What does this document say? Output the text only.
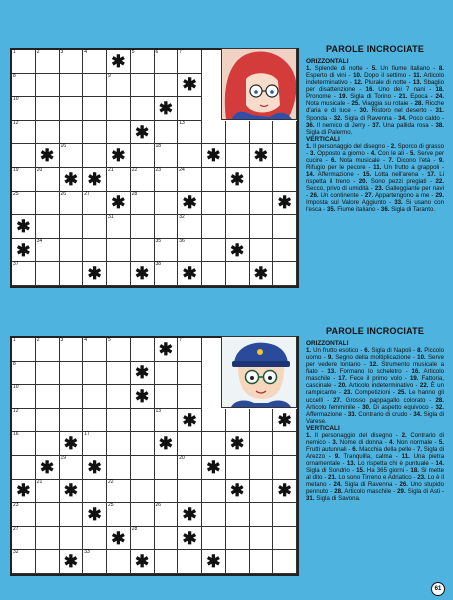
1	2	3	4 ✱	5	6	7
8	9	✱
10	✱
12	✱	13
✱	16	✱	18	✱ ✱
19	20 ✱ ✱	21	22	23	24	✱
25	26	27 ✱	28	✱	✱
✱	31	32
✱	34	35	36	✱
37	✱ ✱	38 ✱	✱
PAROLE INCROCIATE
ORIZZONTALI
1. Splende di notte - 5. Un fiume italiano - 8. Esperto di vini - 10. Dopo il settimo - 11. Articolo indeterminativo - 12. Plurale di notte - 13. Sbaglio per disattenzione - 16. Uno dei 7 nani - 18. Pronome - 19. Sigla di Torino - 21. Epoca - 24. Nota musicale - 25. Viaggia su rotaie - 28. Ricche d'aria e di luce - 30. Ristoro nel deserto - 31. Sponda - 32. Sigla di Ravenna - 34. Poco caldo - 36. Il nemico di Jerry - 37. Una pallida rosa - 38. Sigla di Palermo.
VERTICALI
1. Il personaggio del disegno - 2. Sporco di grasso - 3. Opposto a giorno - 4. Con le ali - 5. Serve per cucire - 6. Nota musicale - 7. Dicono l'età - 9. Rifugio per le pecore - 11. Un frutto a grappoli - 14. Affermazione - 15. Lotta nell'arena - 17. Li rispetta il treno - 20. Sono pezzi pregiati - 22. Secco, privo di umidità - 23. Galleggiante per navi - 26. Un continente - 27. Appartengono a me - 29. Imposta sul Valore Aggiunto - 33. Si usano con l'esca - 35. Fiume italiano - 36. Sigla di Taranto.
1	2	3	4	5	✱	7
8	✱
10	✱
12	13 ✱	✱
16	✱	17	✱	✱
✱	19 ✱	20 ✱
✱	21 ✱	22	✱ ✱
23	✱	25	26 ✱
27	✱	28	✱
32	✱	33	✱	✱
PAROLE INCROCIATE
ORIZZONTALI
1. Un frutto esotico - 6. Sigla di Napoli - 8. Piccolo uomo - 9. Segno della moltiplicazione - 10. Serve per vedere lontano - 12. Strumento musicale a fiato - 13. Formano lo scheletro - 16. Articolo maschile - 17. Fece il primo volo - 19. Fattoria, cascinale - 20. Articolo indeterminativo - 22. È un rampicante - 23. Competizioni - 25. Le hanno gli uccelli - 27. Grosso pappagallo colorato - 28. Articolo femminile - 30. Di aspetto equivoco - 32. Affermazione - 33. Contrario di crudo - 34. Sigla di Varese.
VERTICALI
1. Il personaggio del disegno - 2. Contrario di nemico - 3. Nome di donna - 4. Non normale - 5. Frutti autunnali - 6. Macchia della pelle - 7. Sigla di Arezzo - 9. Tranquilla, calma - 11. Una pietra ornamentale - 13. Lo rispetta chi è puntuale - 14. Sigla di Sondrio - 15. Ha 365 giorni - 18. Si mette al dito - 21. Lo sono Tirreno e Adriatico - 23. Lo è il metano - 24. Sigla di Ravenna - 26. Uno stupido pennuto - 28. Articolo maschile - 29. Sigla di Asti - 31. Sigla di Savona.
61
